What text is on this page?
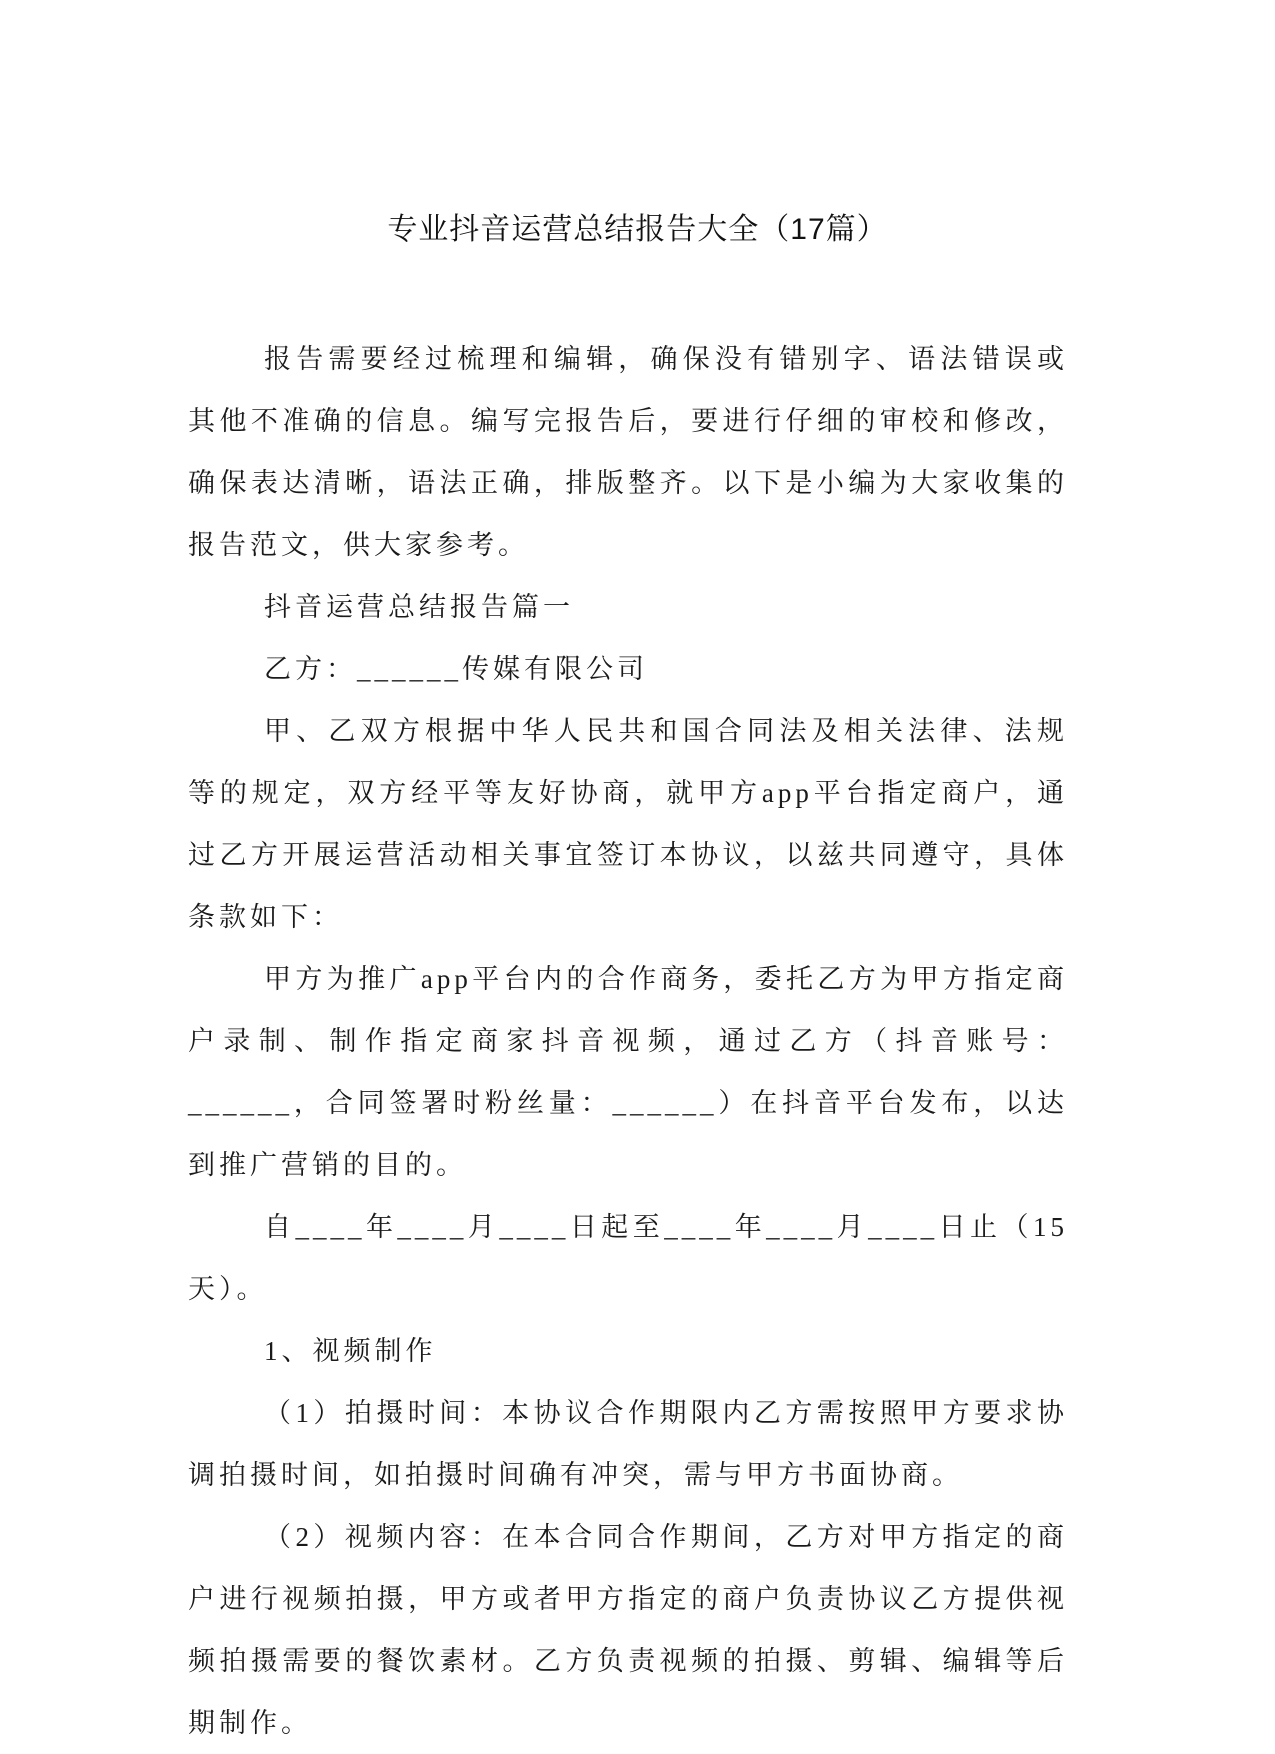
专业抖音运营总结报告大全（17篇）

报告需要经过梳理和编辑，确保没有错别字、语法错误或其他不准确的信息。编写完报告后，要进行仔细的审校和修改，确保表达清晰，语法正确，排版整齐。以下是小编为大家收集的报告范文，供大家参考。

抖音运营总结报告篇一

乙方：______传媒有限公司

甲、乙双方根据中华人民共和国合同法及相关法律、法规等的规定，双方经平等友好协商，就甲方app平台指定商户，通过乙方开展运营活动相关事宜签订本协议，以兹共同遵守，具体条款如下：

甲方为推广app平台内的合作商务，委托乙方为甲方指定商户录制、制作指定商家抖音视频，通过乙方（抖音账号：______，合同签署时粉丝量：______）在抖音平台发布，以达到推广营销的目的。

自____年____月____日起至____年____月____日止（15天）。

1、视频制作

（1）拍摄时间：本协议合作期限内乙方需按照甲方要求协调拍摄时间，如拍摄时间确有冲突，需与甲方书面协商。

（2）视频内容：在本合同合作期间，乙方对甲方指定的商户进行视频拍摄，甲方或者甲方指定的商户负责协议乙方提供视频拍摄需要的餐饮素材。乙方负责视频的拍摄、剪辑、编辑等后期制作。
